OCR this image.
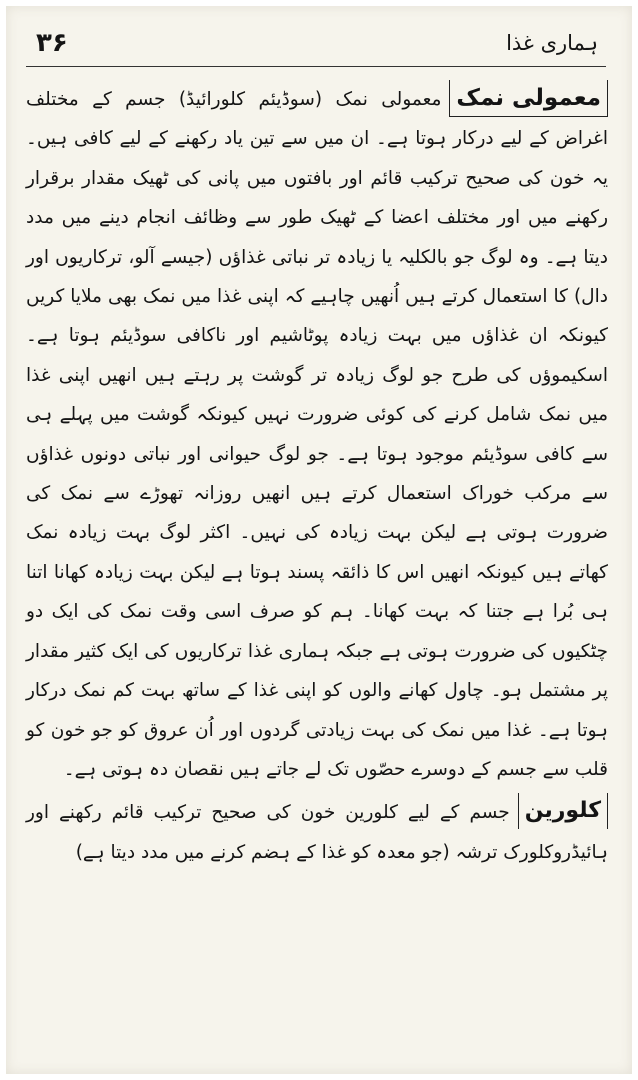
۳۶	ہماری غذا

معمولی نمکمعمولی نمک (سوڈیئم کلورائیڈ) جسم کے مختلف اغراض کے لیے درکار ہوتا ہے۔ ان میں سے تین یاد رکھنے کے لیے کافی ہیں۔ یہ خون کی صحیح ترکیب قائم اور بافتوں میں پانی کی ٹھیک مقدار برقرار رکھنے میں اور مختلف اعضا کے ٹھیک طور سے وظائف انجام دینے میں مدد دیتا ہے۔ وہ لوگ جو بالکلیہ یا زیادہ تر نباتی غذاؤں (جیسے آلو، ترکاریوں اور دال) کا استعمال کرتے ہیں اُنھیں چاہیے کہ اپنی غذا میں نمک بھی ملایا کریں کیونکہ ان غذاؤں میں بہت زیادہ پوٹاشیم اور ناکافی سوڈیئم ہوتا ہے۔ اسکیموؤں کی طرح جو لوگ زیادہ تر گوشت پر رہتے ہیں انھیں اپنی غذا میں نمک شامل کرنے کی کوئی ضرورت نہیں کیونکہ گوشت میں پہلے ہی سے کافی سوڈیئم موجود ہوتا ہے۔ جو لوگ حیوانی اور نباتی دونوں غذاؤں سے مرکب خوراک استعمال کرتے ہیں انھیں روزانہ تھوڑے سے نمک کی ضرورت ہوتی ہے لیکن بہت زیادہ کی نہیں۔ اکثر لوگ بہت زیادہ نمک کھاتے ہیں کیونکہ انھیں اس کا ذائقہ پسند ہوتا ہے لیکن بہت زیادہ کھانا اتنا ہی بُرا ہے جتنا کہ بہت کھانا۔ ہم کو صرف اسی وقت نمک کی ایک دو چٹکیوں کی ضرورت ہوتی ہے جبکہ ہماری غذا ترکاریوں کی ایک کثیر مقدار پر مشتمل ہو۔ چاول کھانے والوں کو اپنی غذا کے ساتھ بہت کم نمک درکار ہوتا ہے۔ غذا میں نمک کی بہت زیادتی گردوں اور اُن عروق کو جو خون کو قلب سے جسم کے دوسرے حصّوں تک لے جاتے ہیں نقصان دہ ہوتی ہے۔

کلورینجسم کے لیے کلورین خون کی صحیح ترکیب قائم رکھنے اور ہائیڈروکلورک ترشہ (جو معدہ کو غذا کے ہضم کرنے میں مدد دیتا ہے)
